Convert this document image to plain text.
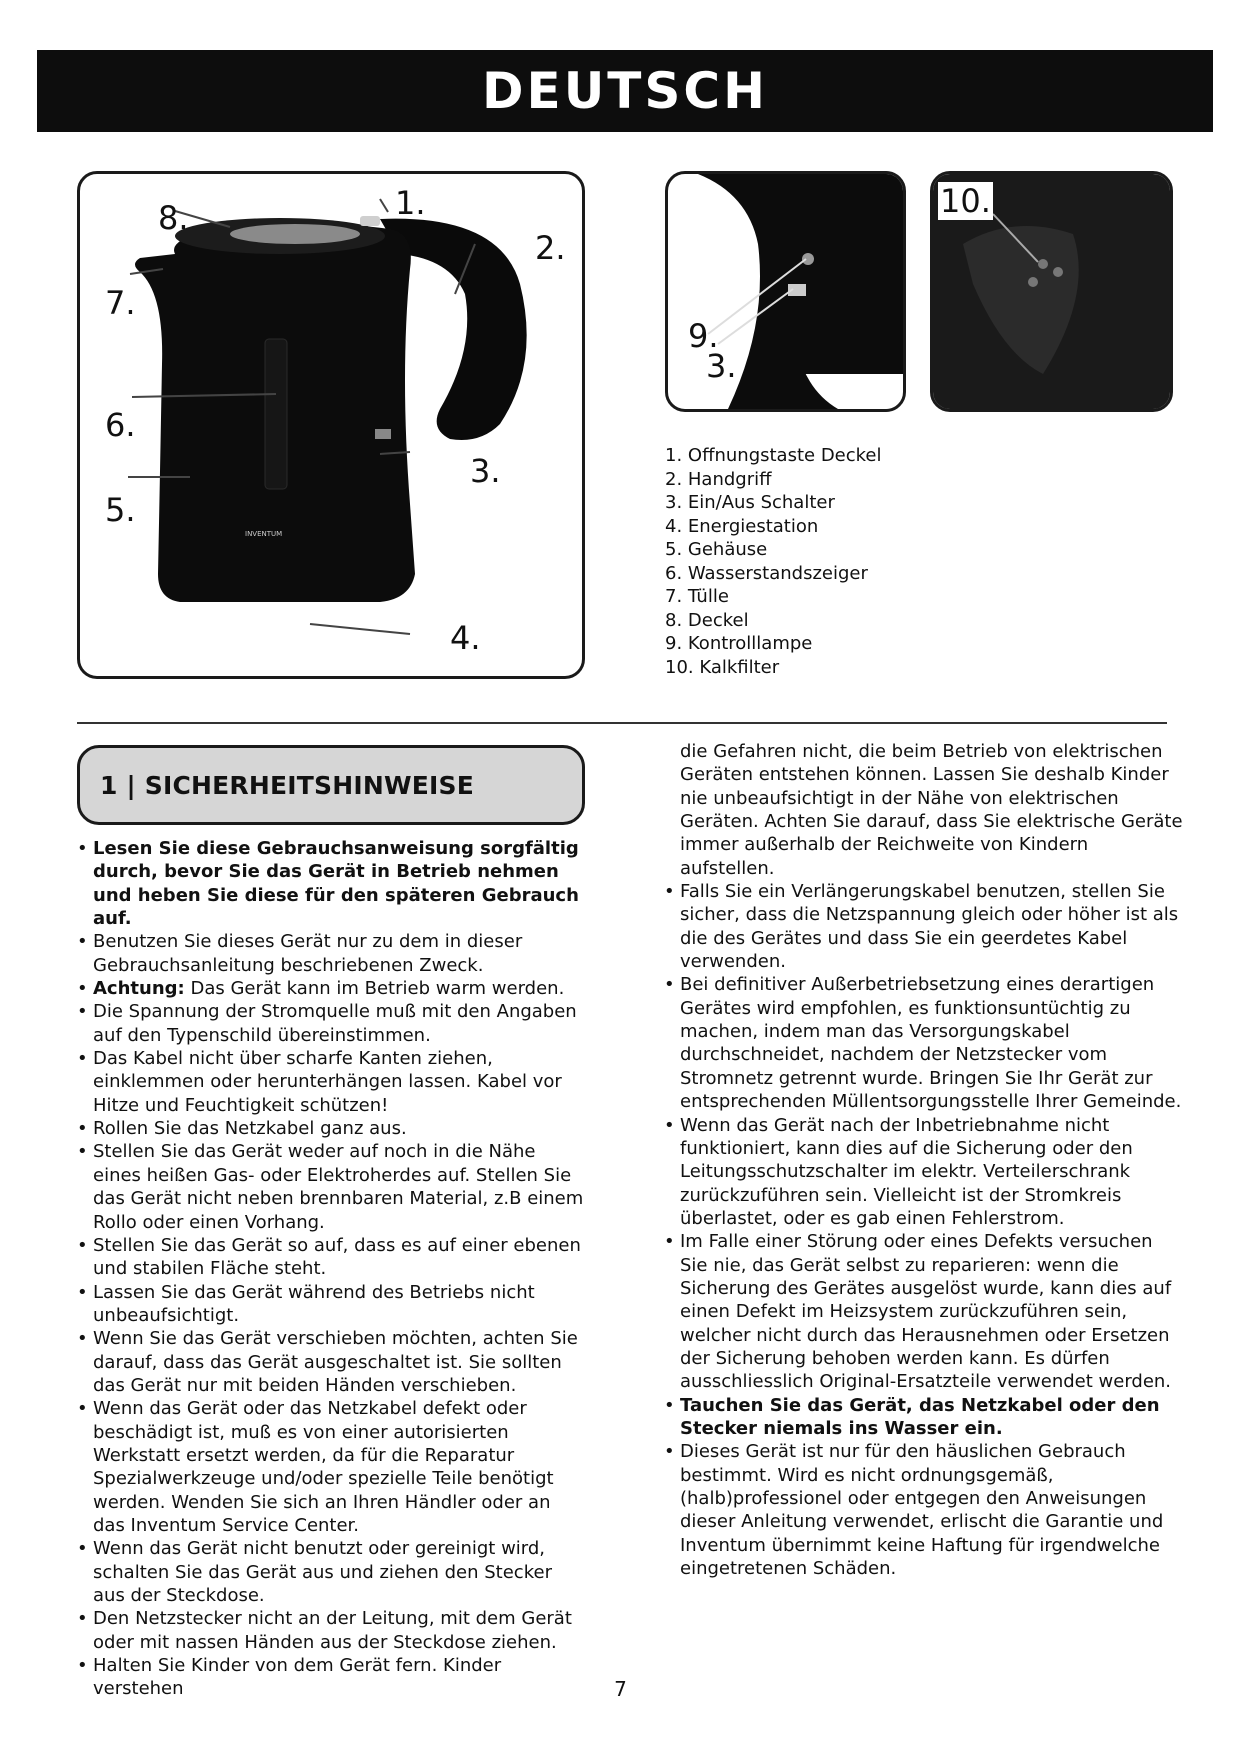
DEUTSCH
INVENTUM
8.	1.
2.
7.
6.
5.
3.
4.
9.
3.
10.
1. Offnungstaste Deckel
2. Handgriff
3. Ein/Aus Schalter
4. Energiestation
5. Gehäuse
6. Wasserstandszeiger
7. Tülle
8. Deckel
9. Kontrolllampe
10. Kalkfilter
1 | SICHERHEITSHINWEISE
• Lesen Sie diese Gebrauchsanweisung sorgfältig durch, bevor Sie das Gerät in Betrieb nehmen und heben Sie diese für den späteren Gebrauch auf.
• Benutzen Sie dieses Gerät nur zu dem in dieser Gebrauchsanleitung beschriebenen Zweck.
• Achtung: Das Gerät kann im Betrieb warm werden.
• Die Spannung der Stromquelle muß mit den Angaben auf den Typenschild übereinstimmen.
• Das Kabel nicht über scharfe Kanten ziehen, einklemmen oder herunterhängen lassen. Kabel vor Hitze und Feuchtigkeit schützen!
• Rollen Sie das Netzkabel ganz aus.
• Stellen Sie das Gerät weder auf noch in die Nähe eines heißen Gas- oder Elektroherdes auf. Stellen Sie das Gerät nicht neben brennbaren Material, z.B einem Rollo oder einen Vorhang.
• Stellen Sie das Gerät so auf, dass es auf einer ebenen und stabilen Fläche steht.
• Lassen Sie das Gerät während des Betriebs nicht unbeaufsichtigt.
• Wenn Sie das Gerät verschieben möchten, achten Sie darauf, dass das Gerät ausgeschaltet ist. Sie sollten das Gerät nur mit beiden Händen verschieben.
• Wenn das Gerät oder das Netzkabel defekt oder beschädigt ist, muß es von einer autorisierten Werkstatt ersetzt werden, da für die Reparatur Spezialwerkzeuge und/oder spezielle Teile benötigt werden. Wenden Sie sich an Ihren Händler oder an das Inventum Service Center.
• Wenn das Gerät nicht benutzt oder gereinigt wird, schalten Sie das Gerät aus und ziehen den Stecker aus der Steckdose.
• Den Netzstecker nicht an der Leitung, mit dem Gerät oder mit nassen Händen aus der Steckdose ziehen.
• Halten Sie Kinder von dem Gerät fern. Kinder verstehen

die Gefahren nicht, die beim Betrieb von elektrischen Geräten entstehen können. Lassen Sie deshalb Kinder nie unbeaufsichtigt in der Nähe von elektrischen Geräten. Achten Sie darauf, dass Sie elektrische Geräte immer außerhalb der Reichweite von Kindern aufstellen.

• Falls Sie ein Verlängerungskabel benutzen, stellen Sie sicher, dass die Netzspannung gleich oder höher ist als die des Gerätes und dass Sie ein geerdetes Kabel verwenden.
• Bei definitiver Außerbetriebsetzung eines derartigen Gerätes wird empfohlen, es funktionsuntüchtig zu machen, indem man das Versorgungskabel durchschneidet, nachdem der Netzstecker vom Stromnetz getrennt wurde. Bringen Sie Ihr Gerät zur entsprechenden Müllentsorgungsstelle Ihrer Gemeinde.
• Wenn das Gerät nach der Inbetriebnahme nicht funktioniert, kann dies auf die Sicherung oder den Leitungsschutzschalter im elektr. Verteilerschrank zurückzuführen sein. Vielleicht ist der Stromkreis überlastet, oder es gab einen Fehlerstrom.
• Im Falle einer Störung oder eines Defekts versuchen Sie nie, das Gerät selbst zu reparieren: wenn die Sicherung des Gerätes ausgelöst wurde, kann dies auf einen Defekt im Heizsystem zurückzuführen sein, welcher nicht durch das Herausnehmen oder Ersetzen der Sicherung behoben werden kann. Es dürfen ausschliesslich Original-Ersatzteile verwendet werden.
• Tauchen Sie das Gerät, das Netzkabel oder den Stecker niemals ins Wasser ein.
• Dieses Gerät ist nur für den häuslichen Gebrauch bestimmt. Wird es nicht ordnungsgemäß, (halb)professionel oder entgegen den Anweisungen dieser Anleitung verwendet, erlischt die Garantie und Inventum übernimmt keine Haftung für irgendwelche eingetretenen Schäden.
7
